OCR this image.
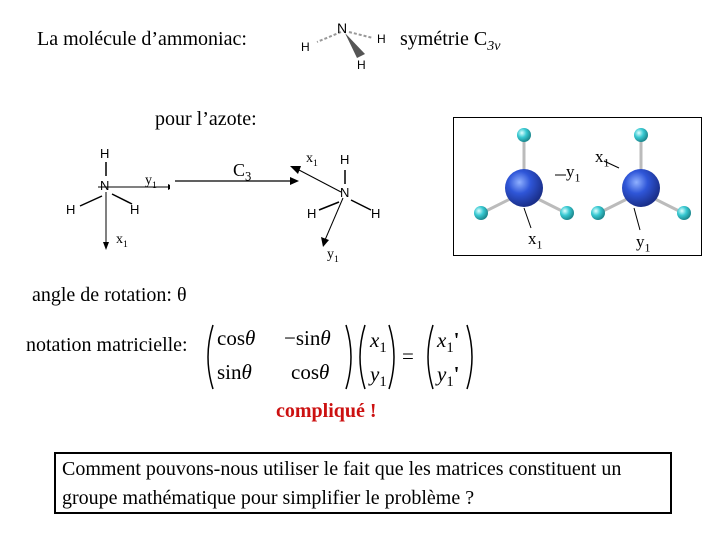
La molécule d’ammoniac:	N
H
H
H
symétrie $C_{3v}$
pour l’azote:
H
N
H	H
$y_1$
$x_1$
$C_3$
H
N
H	H
$x_1$
$y_1$
$y_1$
$x_1$
$x_1$
$y_1$
angle de rotation: θ
notation matricielle: cosθ −sinθ
sinθ cosθ
$x_1$
$y_1$
=
$x_1'$
$y_1'$
compliqué !
Comment pouvons-nous utiliser le fait que les matrices constituent un groupe mathématique pour simplifier le problème ?
